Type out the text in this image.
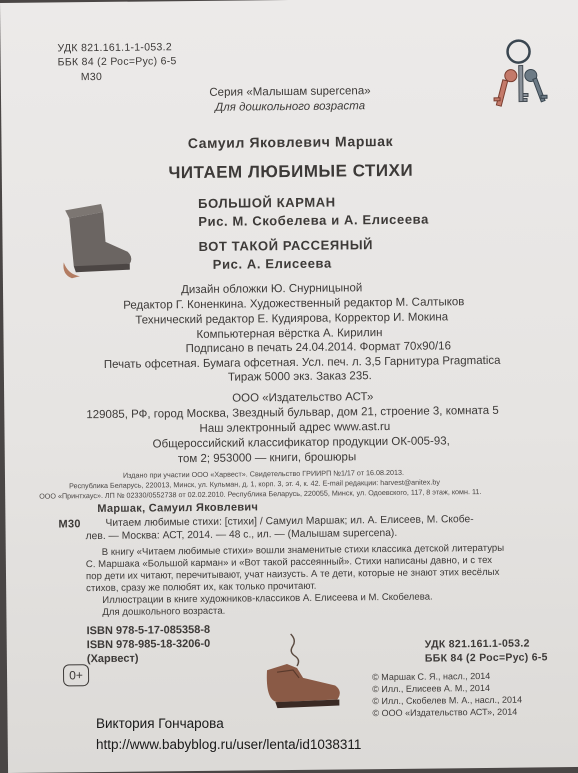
УДК 821.161.1-1-053.2
ББК 84 (2 Рос=Рус) 6-5
М30
Серия «Малышам supercena»
Для дошкольного возраста
Самуил Яковлевич Маршак
ЧИТАЕМ ЛЮБИМЫЕ СТИХИ
БОЛЬШОЙ КАРМАН
Рис. М. Скобелева и А. Елисеева
ВОТ ТАКОЙ РАССЕЯНЫЙ
Рис. А. Елисеева
Дизайн обложки Ю. Снурницыной
Редактор Г. Коненкина. Художественный редактор М. Салтыков
Технический редактор Е. Кудиярова, Корректор И. Мокина
Компьютерная вёрстка А. Кирилин
Подписано в печать 24.04.2014. Формат 70х90/16
Печать офсетная. Бумага офсетная. Усл. печ. л. 3,5 Гарнитура Pragmatica
Тираж 5000 экз. Заказ 235.
ООО «Издательство АСТ»
129085, РФ, город Москва, Звездный бульвар, дом 21, строение 3, комната 5
Наш электронный адрес www.ast.ru
Общероссийский классификатор продукции ОК-005-93,
том 2; 953000 — книги, брошюры
Издано при участии ООО «Харвест». Свидетельство ГРИИРП №1/17 от 16.08.2013.
Республика Беларусь, 220013, Минск, ул. Кульман, д. 1, корп. 3, эт. 4, к. 42. E-mail редакции: harvest@anitex.by
ООО «Принтхаус». ЛП № 02330/0552738 от 02.02.2010. Республика Беларусь, 220055, Минск, ул. Одоевского, 117, 8 этаж, комн. 11.
Маршак, Самуил Яковлевич
М30 Читаем любимые стихи: [стихи] / Самуил Маршак; ил. А. Елисеев, М. Скобе-
лев. — Москва: АСТ, 2014. — 48 с., ил. — (Малышам supercena).
В книгу «Читаем любимые стихи» вошли знаменитые стихи классика детской литературы
С. Маршака «Большой карман» и «Вот такой рассеянный». Стихи написаны давно, и с тех
пор дети их читают, перечитывают, учат наизусть. А те дети, которые не знают этих весёлых
стихов, сразу же полюбят их, как только прочитают.
Иллюстрации в книге художников-классиков А. Елисеева и М. Скобелева.
Для дошкольного возраста.
ISBN 978-5-17-085358-8
ISBN 978-985-18-3206-0
(Харвест)
0+
УДК 821.161.1-053.2
ББК 84 (2 Рос=Рус) 6-5
© Маршак С. Я., насл., 2014
© Илл., Елисеев А. М., 2014
© Илл., Скобелев М. А., насл., 2014
© ООО «Издательство АСТ», 2014
Виктория Гончарова
http://www.babyblog.ru/user/lenta/id1038311
